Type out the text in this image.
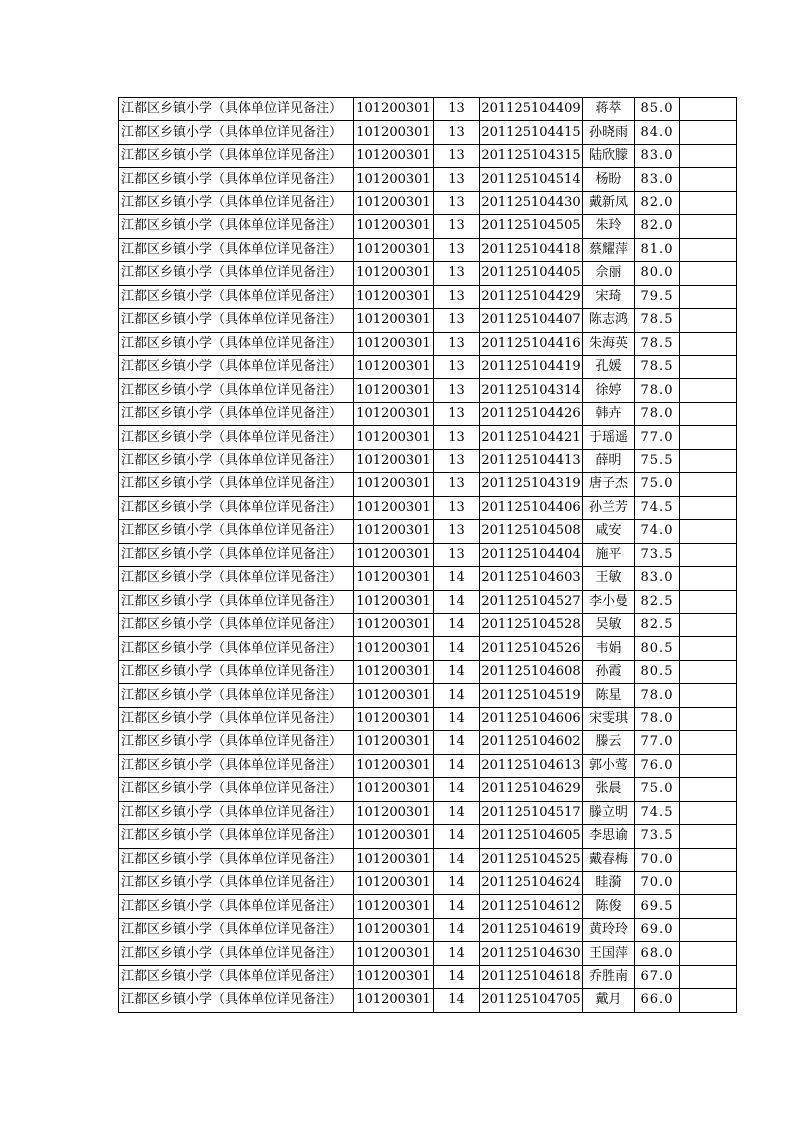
江都区乡镇小学（具体单位详见备注）	101200301	13	201125104409	蒋萃	85.0	
江都区乡镇小学（具体单位详见备注）	101200301	13	201125104415	孙晓雨	84.0	
江都区乡镇小学（具体单位详见备注）	101200301	13	201125104315	陆欣朦	83.0	
江都区乡镇小学（具体单位详见备注）	101200301	13	201125104514	杨盼	83.0	
江都区乡镇小学（具体单位详见备注）	101200301	13	201125104430	戴新凤	82.0	
江都区乡镇小学（具体单位详见备注）	101200301	13	201125104505	朱玲	82.0	
江都区乡镇小学（具体单位详见备注）	101200301	13	201125104418	蔡耀萍	81.0	
江都区乡镇小学（具体单位详见备注）	101200301	13	201125104405	佘丽	80.0	
江都区乡镇小学（具体单位详见备注）	101200301	13	201125104429	宋琦	79.5	
江都区乡镇小学（具体单位详见备注）	101200301	13	201125104407	陈志鸿	78.5	
江都区乡镇小学（具体单位详见备注）	101200301	13	201125104416	朱海英	78.5	
江都区乡镇小学（具体单位详见备注）	101200301	13	201125104419	孔媛	78.5	
江都区乡镇小学（具体单位详见备注）	101200301	13	201125104314	徐婷	78.0	
江都区乡镇小学（具体单位详见备注）	101200301	13	201125104426	韩卉	78.0	
江都区乡镇小学（具体单位详见备注）	101200301	13	201125104421	于瑶遥	77.0	
江都区乡镇小学（具体单位详见备注）	101200301	13	201125104413	薛明	75.5	
江都区乡镇小学（具体单位详见备注）	101200301	13	201125104319	唐子杰	75.0	
江都区乡镇小学（具体单位详见备注）	101200301	13	201125104406	孙兰芳	74.5	
江都区乡镇小学（具体单位详见备注）	101200301	13	201125104508	咸安	74.0	
江都区乡镇小学（具体单位详见备注）	101200301	13	201125104404	施平	73.5	
江都区乡镇小学（具体单位详见备注）	101200301	14	201125104603	王敏	83.0	
江都区乡镇小学（具体单位详见备注）	101200301	14	201125104527	李小曼	82.5	
江都区乡镇小学（具体单位详见备注）	101200301	14	201125104528	吴敏	82.5	
江都区乡镇小学（具体单位详见备注）	101200301	14	201125104526	韦娟	80.5	
江都区乡镇小学（具体单位详见备注）	101200301	14	201125104608	孙霞	80.5	
江都区乡镇小学（具体单位详见备注）	101200301	14	201125104519	陈星	78.0	
江都区乡镇小学（具体单位详见备注）	101200301	14	201125104606	宋雯琪	78.0	
江都区乡镇小学（具体单位详见备注）	101200301	14	201125104602	滕云	77.0	
江都区乡镇小学（具体单位详见备注）	101200301	14	201125104613	郭小莺	76.0	
江都区乡镇小学（具体单位详见备注）	101200301	14	201125104629	张晨	75.0	
江都区乡镇小学（具体单位详见备注）	101200301	14	201125104517	滕立明	74.5	
江都区乡镇小学（具体单位详见备注）	101200301	14	201125104605	李思谕	73.5	
江都区乡镇小学（具体单位详见备注）	101200301	14	201125104525	戴春梅	70.0	
江都区乡镇小学（具体单位详见备注）	101200301	14	201125104624	眭漪	70.0	
江都区乡镇小学（具体单位详见备注）	101200301	14	201125104612	陈俊	69.5	
江都区乡镇小学（具体单位详见备注）	101200301	14	201125104619	黄玲玲	69.0	
江都区乡镇小学（具体单位详见备注）	101200301	14	201125104630	王国萍	68.0	
江都区乡镇小学（具体单位详见备注）	101200301	14	201125104618	乔胜南	67.0	
江都区乡镇小学（具体单位详见备注）	101200301	14	201125104705	戴月	66.0	
